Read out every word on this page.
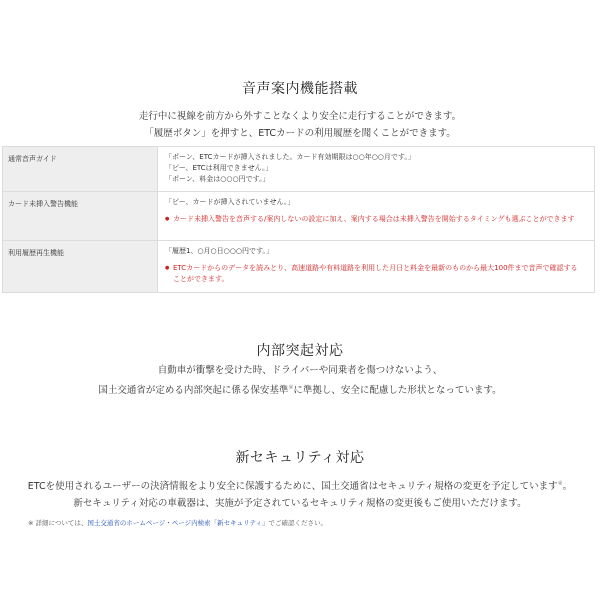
音声案内機能搭載

走行中に視線を前方から外すことなくより安全に走行することができます。

「履歴ボタン」を押すと、ETCカードの利用履歴を聞くことができます。

通常音声ガイド	「ポーン、ETCカードが挿入されました。カード有効期限は○○年○○月です。」
「ピー、ETCは利用できません。」
「ポーン、料金は○○○円です。」

カード未挿入警告機能	「ピー、カードが挿入されていません。」
● カード未挿入警告を音声する/案内しないの設定に加え、案内する場合は未挿入警告を開始するタイミングも選ぶことができます

利用履歴再生機能	「履歴1、○月○日○○○円です。」
● ETCカードからのデータを読みとり、高速道路や有料道路を利用した月日と料金を最新のものから最大100件まで音声で確認することができます。
内部突起対応

自動車が衝撃を受けた時、ドライバーや同乗者を傷つけないよう、

国土交通省が定める内部突起に係る保安基準※に準拠し、安全に配慮した形状となっています。

新セキュリティ対応

ETCを使用されるユーザーの決済情報をより安全に保護するために、国土交通省はセキュリティ規格の変更を予定しています※。

新セキュリティ対応の車載器は、実施が予定されているセキュリティ規格の変更後もご使用いただけます。

※ 詳細については、国土交通省のホームページ・ページ内検索「新セキュリティ」でご確認ください。
